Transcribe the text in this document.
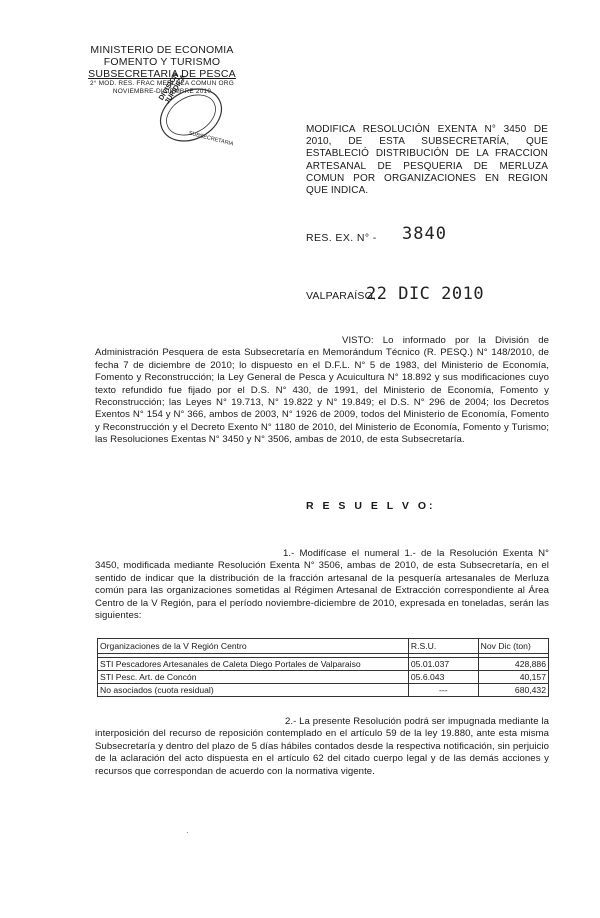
MINISTERIO DE ECONOMIA
FOMENTO Y TURISMO
SUBSECRETARIA DE PESCA
2° MOD. RES. FRAC MERLUZA COMUN ORG
NOVIEMBRE-DICIEMBRE 2010
DIVISION JURIDICA
SUBSECRETARIA
MODIFICA RESOLUCIÓN EXENTA N° 3450 DE 2010, DE ESTA SUBSECRETARÍA, QUE ESTABLECIÓ DISTRIBUCIÓN DE LA FRACCION ARTESANAL DE PESQUERIA DE MERLUZA COMUN POR ORGANIZACIONES EN REGION QUE INDICA.
RES. EX. N° - 3840
VALPARAÍSO,
22 DIC 2010
VISTO: Lo informado por la División de Administración Pesquera de esta Subsecretaría en Memorándum Técnico (R. PESQ.) N° 148/2010, de fecha 7 de diciembre de 2010; lo dispuesto en el D.F.L. N° 5 de 1983, del Ministerio de Economía, Fomento y Reconstrucción; la Ley General de Pesca y Acuicultura N° 18.892 y sus modificaciones cuyo texto refundido fue fijado por el D.S. N° 430, de 1991, del Ministerio de Economía, Fomento y Reconstrucción; las Leyes N° 19.713, N° 19.822 y N° 19.849; el D.S. N° 296 de 2004; los Decretos Exentos N° 154 y N° 366, ambos de 2003, N° 1926 de 2009, todos del Ministerio de Economía, Fomento y Reconstrucción y el Decreto Exento N° 1180 de 2010, del Ministerio de Economía, Fomento y Turismo; las Resoluciones Exentas N° 3450 y N° 3506, ambas de 2010, de esta Subsecretaría.
R E S U E L V O:
1.- Modifícase el numeral 1.- de la Resolución Exenta N° 3450, modificada mediante Resolución Exenta N° 3506, ambas de 2010, de esta Subsecretaría, en el sentido de indicar que la distribución de la fracción artesanal de la pesquería artesanales de Merluza común para las organizaciones sometidas al Régimen Artesanal de Extracción correspondiente al Área Centro de la V Región, para el período noviembre-diciembre de 2010, expresada en toneladas, serán las siguientes:
Organizaciones de la V Región Centro	R.S.U.	Nov Dic (ton)

STI Pescadores Artesanales de Caleta Diego Portales de Valparaiso	05.01.037	428,886
STI Pesc. Art. de Concón	05.6.043	40,157
No asociados (cuota residual)	---	680,432
2.- La presente Resolución podrá ser impugnada mediante la interposición del recurso de reposición contemplado en el artículo 59 de la ley 19.880, ante esta misma Subsecretaría y dentro del plazo de 5 días hábiles contados desde la respectiva notificación, sin perjuicio de la aclaración del acto dispuesta en el artículo 62 del citado cuerpo legal y de las demás acciones y recursos que correspondan de acuerdo con la normativa vigente.
·
